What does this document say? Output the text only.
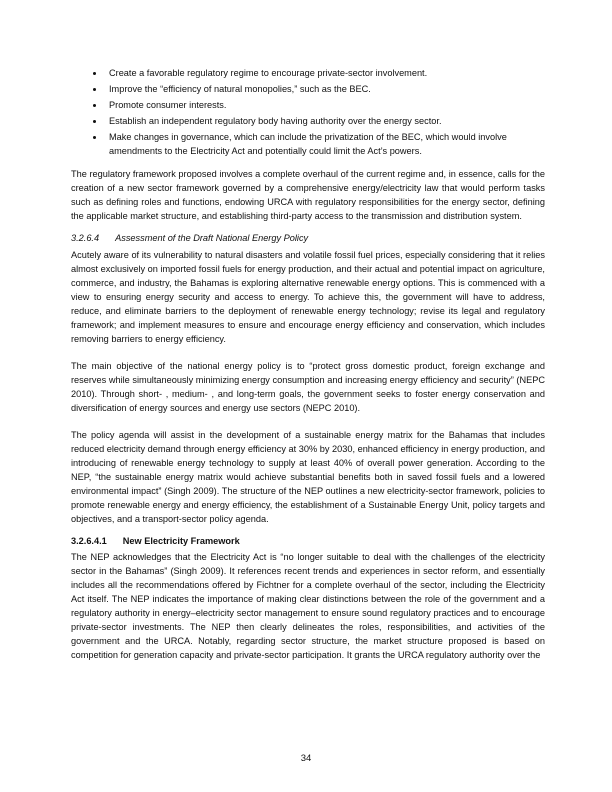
• Create a favorable regulatory regime to encourage private-sector involvement.
• Improve the “efficiency of natural monopolies,” such as the BEC.
• Promote consumer interests.
• Establish an independent regulatory body having authority over the energy sector.
• Make changes in governance, which can include the privatization of the BEC, which would involve amendments to the Electricity Act and potentially could limit the Act’s powers.

The regulatory framework proposed involves a complete overhaul of the current regime and, in essence, calls for the creation of a new sector framework governed by a comprehensive energy/electricity law that would perform tasks such as defining roles and functions, endowing URCA with regulatory responsibilities for the energy sector, defining the applicable market structure, and establishing third-party access to the transmission and distribution system.

3.2.6.4 Assessment of the Draft National Energy Policy

Acutely aware of its vulnerability to natural disasters and volatile fossil fuel prices, especially considering that it relies almost exclusively on imported fossil fuels for energy production, and their actual and potential impact on agriculture, commerce, and industry, the Bahamas is exploring alternative renewable energy options. This is commenced with a view to ensuring energy security and access to energy. To achieve this, the government will have to address, reduce, and eliminate barriers to the deployment of renewable energy technology; revise its legal and regulatory framework; and implement measures to ensure and encourage energy efficiency and conservation, which includes removing barriers to energy efficiency.

The main objective of the national energy policy is to “protect gross domestic product, foreign exchange and reserves while simultaneously minimizing energy consumption and increasing energy efficiency and security” (NEPC 2010). Through short- , medium- , and long-term goals, the government seeks to foster energy conservation and diversification of energy sources and energy use sectors (NEPC 2010).

The policy agenda will assist in the development of a sustainable energy matrix for the Bahamas that includes reduced electricity demand through energy efficiency at 30% by 2030, enhanced efficiency in energy production, and introducing of renewable energy technology to supply at least 40% of overall power generation. According to the NEP, “the sustainable energy matrix would achieve substantial benefits both in saved fossil fuels and a lowered environmental impact” (Singh 2009). The structure of the NEP outlines a new electricity-sector framework, policies to promote renewable energy and energy efficiency, the establishment of a Sustainable Energy Unit, policy targets and objectives, and a transport-sector policy agenda.

3.2.6.4.1 New Electricity Framework

The NEP acknowledges that the Electricity Act is “no longer suitable to deal with the challenges of the electricity sector in the Bahamas” (Singh 2009). It references recent trends and experiences in sector reform, and essentially includes all the recommendations offered by Fichtner for a complete overhaul of the sector, including the Electricity Act itself. The NEP indicates the importance of making clear distinctions between the role of the government and a regulatory authority in energy–electricity sector management to ensure sound regulatory practices and to encourage private-sector investments. The NEP then clearly delineates the roles, responsibilities, and activities of the government and the URCA. Notably, regarding sector structure, the market structure proposed is based on competition for generation capacity and private-sector participation. It grants the URCA regulatory authority over the

34
